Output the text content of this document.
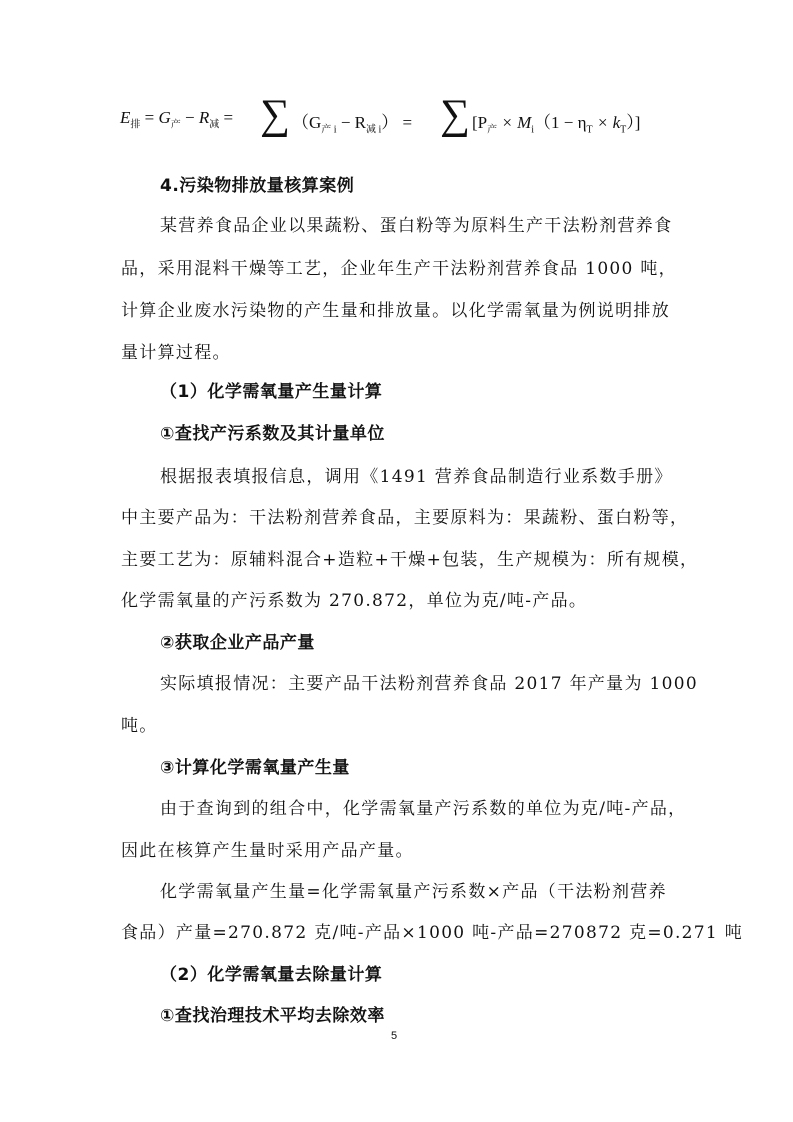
$E_排 = G_产 - R_减$ = ∑ $(G_{产 i} - R_{减 i})$ = ∑ $[P_产 \times M_i(1 - \eta_T \times k_T)]$
4.污染物排放量核算案例
某营养食品企业以果蔬粉、蛋白粉等为原料生产干法粉剂营养食
品，采用混料干燥等工艺，企业年生产干法粉剂营养食品 1000 吨，
计算企业废水污染物的产生量和排放量。以化学需氧量为例说明排放
量计算过程。
（1）化学需氧量产生量计算
①查找产污系数及其计量单位
根据报表填报信息，调用《1491 营养食品制造行业系数手册》
中主要产品为：干法粉剂营养食品，主要原料为：果蔬粉、蛋白粉等，
主要工艺为：原辅料混合+造粒+干燥+包装，生产规模为：所有规模，
化学需氧量的产污系数为 270.872，单位为克/吨-产品。
②获取企业产品产量
实际填报情况：主要产品干法粉剂营养食品 2017 年产量为 1000
吨。
③计算化学需氧量产生量
由于查询到的组合中，化学需氧量产污系数的单位为克/吨-产品，
因此在核算产生量时采用产品产量。
化学需氧量产生量=化学需氧量产污系数×产品（干法粉剂营养
食品）产量=270.872 克/吨-产品×1000 吨-产品=270872 克=0.271 吨
（2）化学需氧量去除量计算
①查找治理技术平均去除效率
5
